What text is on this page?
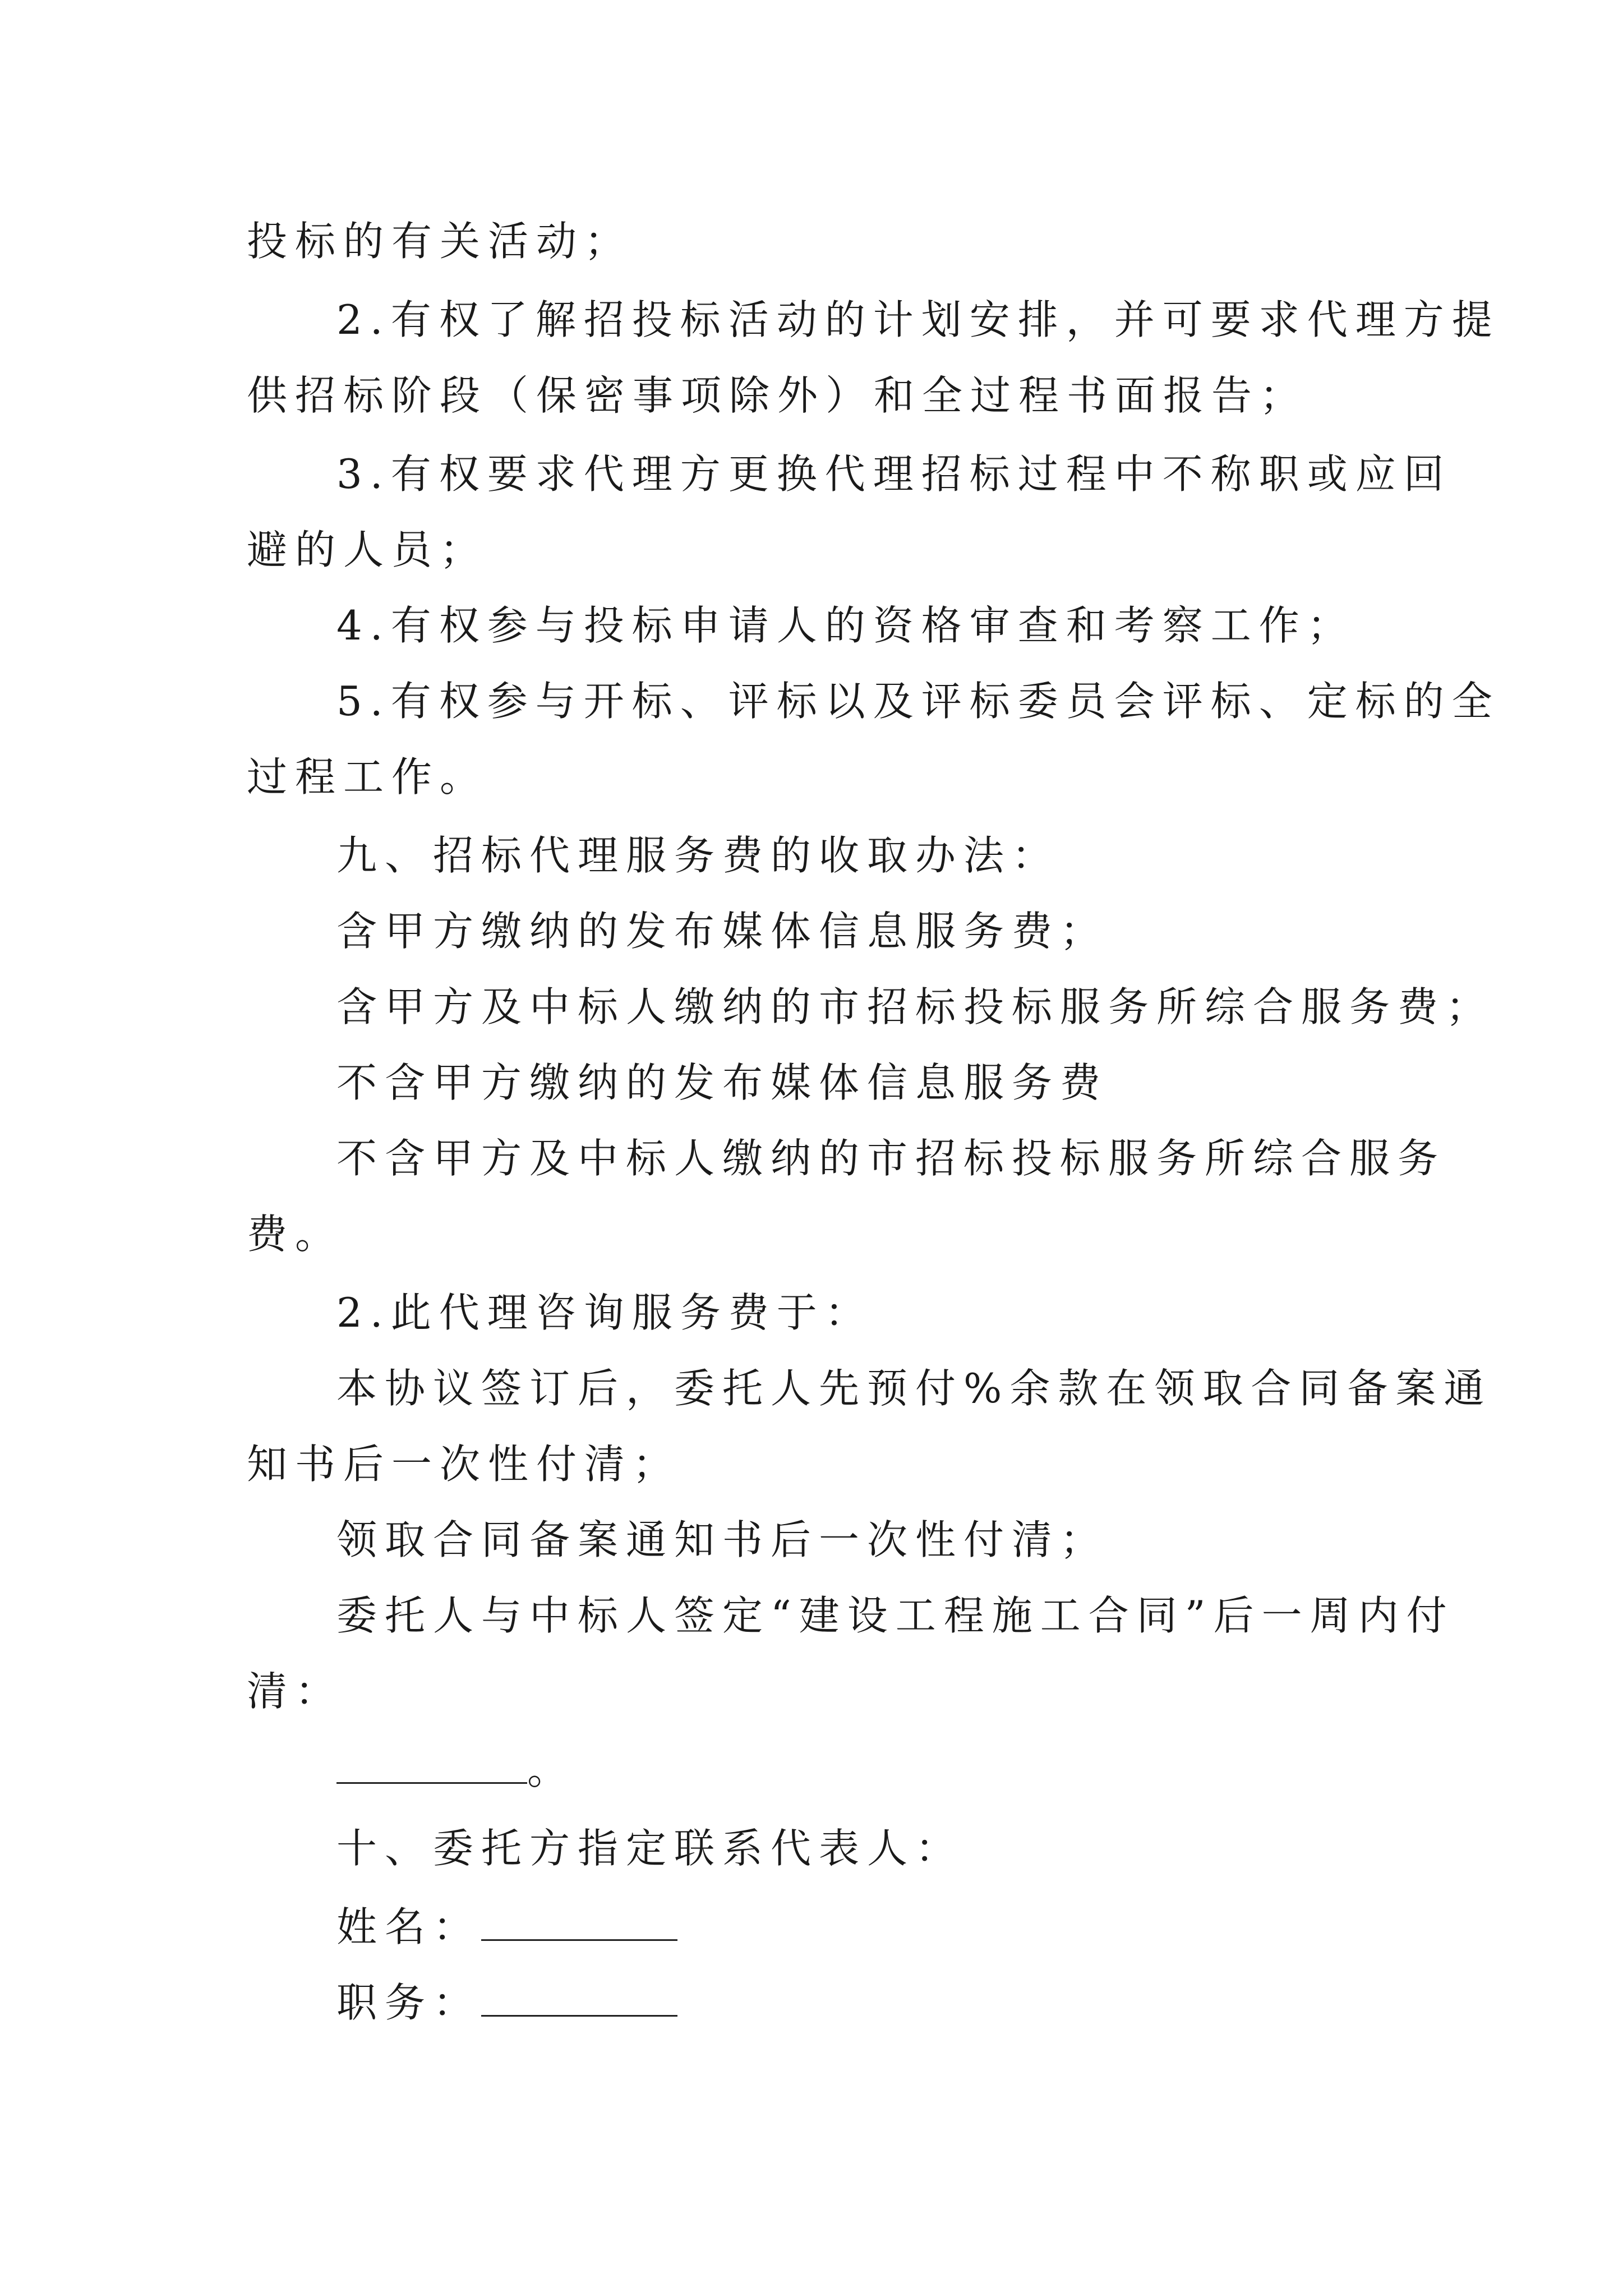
投标的有关活动；
2.有权了解招投标活动的计划安排，并可要求代理方提
供招标阶段（保密事项除外）和全过程书面报告；
3.有权要求代理方更换代理招标过程中不称职或应回
避的人员；
4.有权参与投标申请人的资格审查和考察工作；
5.有权参与开标、评标以及评标委员会评标、定标的全
过程工作。
九、招标代理服务费的收取办法：
含甲方缴纳的发布媒体信息服务费；
含甲方及中标人缴纳的市招标投标服务所综合服务费；
不含甲方缴纳的发布媒体信息服务费
不含甲方及中标人缴纳的市招标投标服务所综合服务
费。
2.此代理咨询服务费于：
本协议签订后，委托人先预付%余款在领取合同备案通
知书后一次性付清；
领取合同备案通知书后一次性付清；
委托人与中标人签定“建设工程施工合同”后一周内付
清：
。
十、委托方指定联系代表人：
姓名：
职务：
